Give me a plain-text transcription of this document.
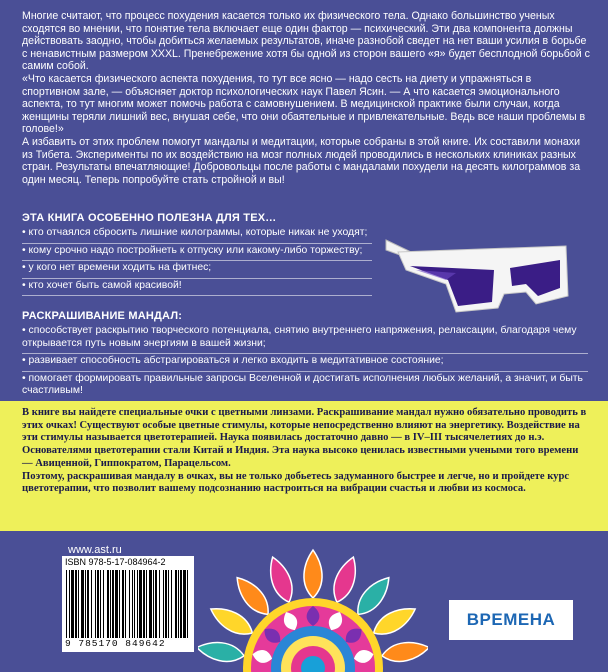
Многие считают, что процесс похудения касается только их физического тела. Однако большинство ученых сходятся во мнении, что понятие тела включает еще один фактор — психический. Эти два компонента должны действовать заодно, чтобы добиться желаемых результатов, иначе разнобой сведет на нет ваши усилия в борьбе с ненавистным размером XXXL. Пренебрежение хотя бы одной из сторон вашего «я» будет бесплодной борьбой с самим собой.

«Что касается физического аспекта похудения, то тут все ясно — надо сесть на диету и упражняться в спортивном зале, — объясняет доктор психологических наук Павел Ясин. — А что касается эмоционального аспекта, то тут многим может помочь работа с самовнушением. В медицинской практике были случаи, когда женщины теряли лишний вес, внушая себе, что они обаятельные и привлекательные. Ведь все наши проблемы в голове!»

А избавить от этих проблем помогут мандалы и медитации, которые собраны в этой книге. Их составили монахи из Тибета. Эксперименты по их воздействию на мозг полных людей проводились в нескольких клиниках разных стран. Результаты впечатляющие! Добровольцы после работы с мандалами похудели на десять килограммов за один месяц. Теперь попробуйте стать стройной и вы!

ЭТА КНИГА ОСОБЕННО ПОЛЕЗНА ДЛЯ ТЕХ…
• кто отчаялся сбросить лишние килограммы, которые никак не уходят;
• кому срочно надо постройнеть к отпуску или какому-либо торжеству;
• у кого нет времени ходить на фитнес;
• кто хочет быть самой красивой!
РАСКРАШИВАНИЕ МАНДАЛ:
• способствует раскрытию творческого потенциала, снятию внутреннего напряжения, релаксации, благодаря чему открывается путь новым энергиям в вашей жизни;
• развивает способность абстрагироваться и легко входить в медитативное состояние;
• помогает формировать правильные запросы Вселенной и достигать исполнения любых желаний, а значит, и быть счастливым!

В книге вы найдете специальные очки с цветными линзами. Раскрашивание мандал нужно обязательно проводить в этих очках! Существуют особые цветные стимулы, которые непосредственно влияют на энергетику. Воздействие на эти стимулы называется цветотерапией. Наука появилась достаточно давно — в IV–III тысячелетиях до н.э. Основателями цветотерапии стали Китай и Индия. Эта наука высоко ценилась известными учеными того времени — Авиценной, Гиппократом, Парацельсом.

Поэтому, раскрашивая мандалу в очках, вы не только добьетесь задуманного быстрее и легче, но и пройдете курс цветотерапии, что позволит вашему подсознанию настроиться на вибрации счастья и любви из космоса.

www.ast.ru
ISBN 978-5-17-084964-2
9 785170 849642
ВРЕМЕНА
